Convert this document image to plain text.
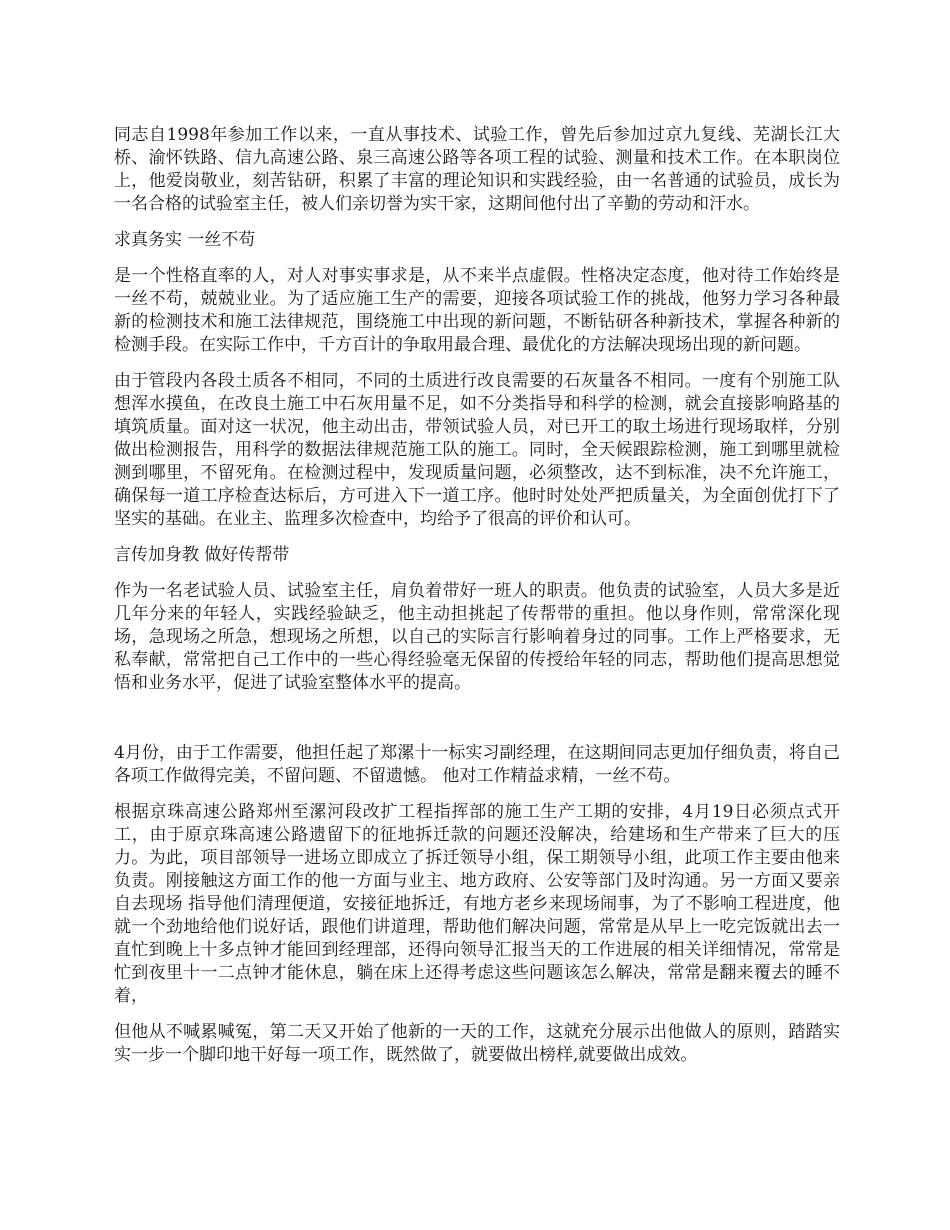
同志自1998年参加工作以来，一直从事技术、试验工作，曾先后参加过京九复线、芜湖长江大桥、渝怀铁路、信九高速公路、泉三高速公路等各项工程的试验、测量和技术工作。在本职岗位上，他爱岗敬业，刻苦钻研，积累了丰富的理论知识和实践经验，由一名普通的试验员，成长为一名合格的试验室主任，被人们亲切誉为实干家，这期间他付出了辛勤的劳动和汗水。

求真务实 一丝不苟

是一个性格直率的人，对人对事实事求是，从不来半点虚假。性格决定态度，他对待工作始终是一丝不苟，兢兢业业。为了适应施工生产的需要，迎接各项试验工作的挑战，他努力学习各种最新的检测技术和施工法律规范，围绕施工中出现的新问题，不断钻研各种新技术，掌握各种新的检测手段。在实际工作中，千方百计的争取用最合理、最优化的方法解决现场出现的新问题。

由于管段内各段土质各不相同，不同的土质进行改良需要的石灰量各不相同。一度有个别施工队想浑水摸鱼，在改良土施工中石灰用量不足，如不分类指导和科学的检测，就会直接影响路基的填筑质量。面对这一状况，他主动出击，带领试验人员，对已开工的取土场进行现场取样，分别做出检测报告，用科学的数据法律规范施工队的施工。同时，全天候跟踪检测，施工到哪里就检测到哪里，不留死角。在检测过程中，发现质量问题，必须整改，达不到标准，决不允许施工，确保每一道工序检查达标后，方可进入下一道工序。他时时处处严把质量关，为全面创优打下了坚实的基础。在业主、监理多次检查中，均给予了很高的评价和认可。

言传加身教 做好传帮带

作为一名老试验人员、试验室主任，肩负着带好一班人的职责。他负责的试验室，人员大多是近几年分来的年轻人，实践经验缺乏，他主动担挑起了传帮带的重担。他以身作则，常常深化现场，急现场之所急，想现场之所想，以自己的实际言行影响着身过的同事。工作上严格要求，无私奉献，常常把自己工作中的一些心得经验毫无保留的传授给年轻的同志，帮助他们提高思想觉悟和业务水平，促进了试验室整体水平的提高。

4月份，由于工作需要，他担任起了郑漯十一标实习副经理，在这期间同志更加仔细负责，将自己各项工作做得完美，不留问题、不留遗憾。 他对工作精益求精，一丝不苟。

根据京珠高速公路郑州至漯河段改扩工程指挥部的施工生产工期的安排，4月19日必须点式开工，由于原京珠高速公路遗留下的征地拆迁款的问题还没解决，给建场和生产带来了巨大的压力。为此，项目部领导一进场立即成立了拆迁领导小组，保工期领导小组，此项工作主要由他来负责。刚接触这方面工作的他一方面与业主、地方政府、公安等部门及时沟通。另一方面又要亲自去现场 指导他们清理便道，安接征地拆迁，有地方老乡来现场闹事，为了不影响工程进度，他就一个劲地给他们说好话，跟他们讲道理，帮助他们解决问题，常常是从早上一吃完饭就出去一直忙到晚上十多点钟才能回到经理部，还得向领导汇报当天的工作进展的相关详细情况，常常是忙到夜里十一二点钟才能休息，躺在床上还得考虑这些问题该怎么解决，常常是翻来覆去的睡不着，

但他从不喊累喊冤，第二天又开始了他新的一天的工作，这就充分展示出他做人的原则，踏踏实实一步一个脚印地干好每一项工作，既然做了，就要做出榜样,就要做出成效。
